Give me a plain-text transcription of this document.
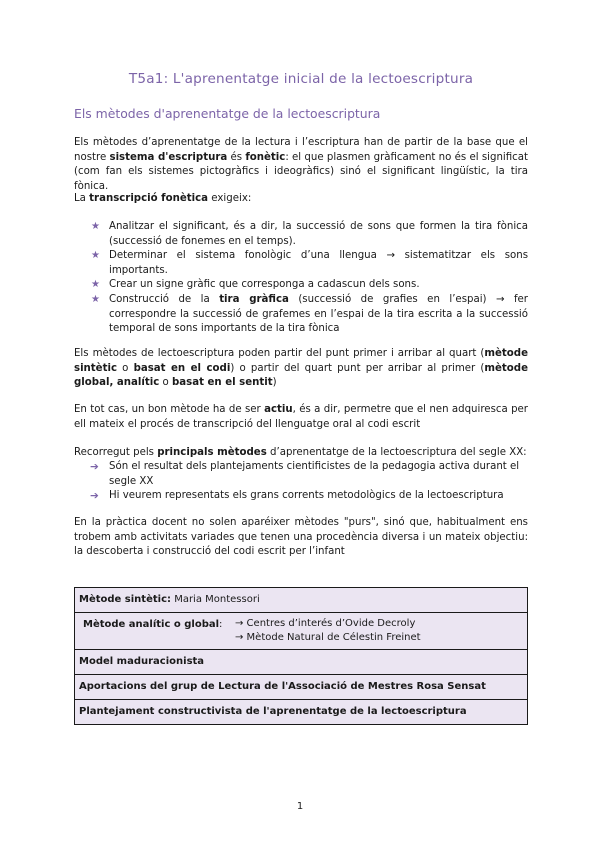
T5a1: L'aprenentatge inicial de la lectoescriptura
Els mètodes d'aprenentatge de la lectoescriptura
Els mètodes d’aprenentatge de la lectura i l’escriptura han de partir de la base que el nostre sistema d'escriptura és fonètic: el que plasmen gràficament no és el significat (com fan els sistemes pictogràfics i ideogràfics) sinó el significant lingüístic, la tira fònica.
La transcripció fonètica exigeix:
★ Analitzar el significant, és a dir, la successió de sons que formen la tira fònica (successió de fonemes en el temps).
★ Determinar el sistema fonològic d’una llengua → sistematitzar els sons importants.
★ Crear un signe gràfic que corresponga a cadascun dels sons.
★ Construcció de la tira gràfica (successió de grafies en l’espai) → fer correspondre la successió de grafemes en l’espai de la tira escrita a la successió temporal de sons importants de la tira fònica
Els mètodes de lectoescriptura poden partir del punt primer i arribar al quart (mètode sintètic o basat en el codi) o partir del quart punt per arribar al primer (mètode global, analític o basat en el sentit)
En tot cas, un bon mètode ha de ser actiu, és a dir, permetre que el nen adquiresca per ell mateix el procés de transcripció del llenguatge oral al codi escrit
Recorregut pels principals mètodes d’aprenentatge de la lectoescriptura del segle XX:
➔ Són el resultat dels plantejaments cientificistes de la pedagogia activa durant el segle XX
➔ Hi veurem representats els grans corrents metodològics de la lectoescriptura
En la pràctica docent no solen aparéixer mètodes "purs", sinó que, habitualment ens trobem amb activitats variades que tenen una procedència diversa i un mateix objectiu: la descoberta i construcció del codi escrit per l’infant
Mètode sintètic: Maria Montessori

Mètode analític o global:	→ Centres d’interés d’Ovide Decroly
→ Mètode Natural de Célestin Freinet

Model maduracionista
Aportacions del grup de Lectura de l'Associació de Mestres Rosa Sensat
Plantejament constructivista de l'aprenentatge de la lectoescriptura
1
